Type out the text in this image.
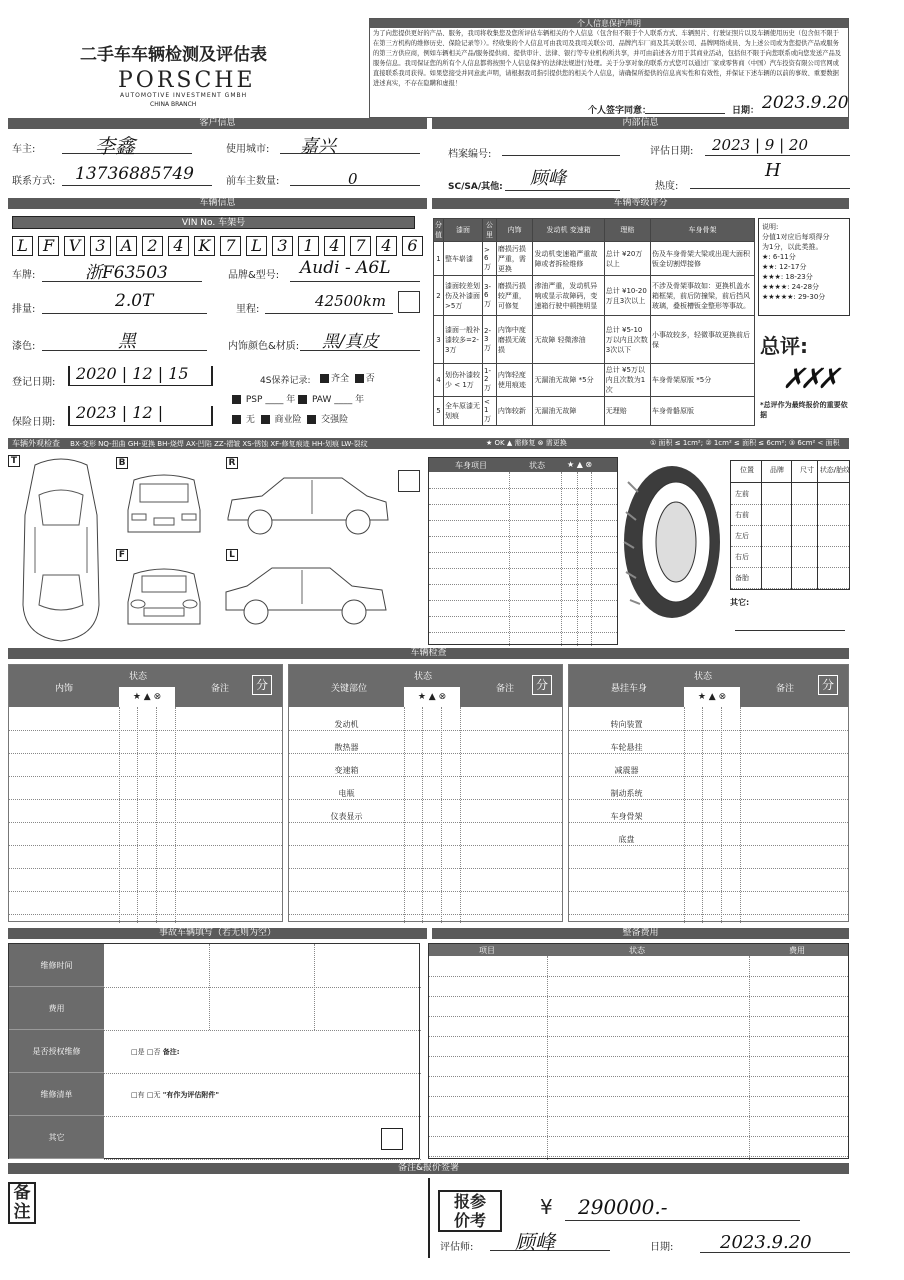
二手车车辆检测及评估表
PORSCHE
AUTOMOTIVE INVESTMENT GMBH
CHINA BRANCH
个人信息保护声明
为了向您提供更好的产品、服务，我司将收集您及您所评估车辆相关的个人信息（包含但不限于个人联系方式、车辆照片、行驶证照片以及车辆使用历史（包含但不限于在第三方机构的维修历史、保险记录等））。经收集的个人信息可由我司及我司关联公司、品牌汽车厂商及其关联公司、品牌网络成员、为上述公司或为您提供产品或服务的第三方供应商，例如车辆相关产品/服务提供商、提供审计、法律、银行等专业机构所共享，并可由前述各方用于其商业活动，包括但不限于向您联系或向您发送产品及服务信息。我司保证您的所有个人信息都将按照个人信息保护的法律法规进行处理。关于分享对象的联系方式您可以通过厂家或零售商（中国）汽车投资有限公司官网或直接联系我司获得。如果您接受并同意此声明，请根据我司指引提供您的相关个人信息，请确保所提供的信息真实性和有效性，并保证下述车辆的以前的事故、重要数据进述真实，不存在隐瞒和虚报！
个人签字同意：	日期： 2023.9.20
客户信息	内部信息
车主:	李鑫	使用城市: 嘉兴
联系方式: 13736885749	前车主数量:	0
档案编号:	评估日期: 2023 | 9 | 20
SC/SA/其他: 顾峰	热度:
H
车辆信息	车辆等级评分
VIN No. 车架号
L F V 3 A 2 4 K 7 L 3 1 4 7 4 6
车牌:	浙F63503	品牌&型号: Audi - A6L
排量:	2.0T	里程:	42500km
漆色:	黑	内饰颜色&材质: 黑/真皮
登记日期: 2020 | 12 | 15	4S保养记录:	齐全 否
PSP ____ 年 PAW ____ 年
保险日期:
2023 | 12 |	无 商业险 交强险
分值	漆面	公里	内饰	发动机 变速箱	理赔	车身骨架
1	整车崭漆	> 6万	磨损污损严重，需更换	发动机变速箱严重故障或者拆检维修	总计 ¥20万以上	伤及车身骨架大梁或出现大面积钣金切割焊接修
2	漆面较差划伤及补漆面>5万	3-6万	磨损污损较严重，可修复	渗油严重，发动机异响或显示故障码，变速箱行驶中顿挫明显	总计 ¥10-20万且3次以上	不涉及骨架事故如：更换机盖水箱框架，前后防撞梁，前后挡风玻璃，叠板槽钣金整形等事故。
3	漆面一般补漆较多=2-3万	2-3万	内饰中度磨损无破损	无故障 轻微渗油	总计 ¥5-10万以内且次数3次以下	小事故较多，轻微事故更换前后保
4	划伤补漆较少 < 1万	1-2万	内饰轻度使用痕迹	无漏油无故障 *5分	总计 ¥5万以内且次数为1次	车身骨架原版 *5分
5	全车原漆无划痕	< 1万	内饰较新	无漏油无故障	无理赔	车身骨骼原版
说明:
分值1对应后每项得分
为1分，以此类推。
★: 6-11分
★★: 12-17分
★★★: 18-23分
★★★★: 24-28分
★★★★★: 29-30分
总评:
✗✗✗
*总评作为最终报价的重要依据
车辆外观检查 BX-变形 NQ-扭曲 GH-更换 BH-烧焊 AX-凹陷 ZZ-褶皱 XS-锈蚀 XF-修复痕迹 HH-划痕 LW-裂纹	★ OK ▲ 需修复 ⊗ 需更换	① 面积 ≤ 1cm²; ② 1cm² ≤ 面积 ≤ 6cm²; ③ 6cm² < 面积
T	B	R
F	L
车身项目	状态	★ ▲ ⊗
位置	品牌	尺寸 状态/胎纹
左前
右前
左后
右后
备胎
其它:
车辆检查
内饰
状态
★ ▲ ⊗
备注	分	关键部位
状态
★ ▲ ⊗
备注	分
发动机
散热器
变速箱
电瓶
仪表显示
悬挂车身
状态
★ ▲ ⊗
备注	分
转向装置
车轮悬挂
减震器
制动系统
车身骨架
底盘
事故车辆填写（若无则为空）	整备费用
维修时间
费用
是否授权维修
维修清单
其它
□是 □否 备注:
□有 □无 "有作为评估附件"
项目	状态	费用
备注&报价签署
备注
报参价考
¥ 290000.-
评估师: 顾峰	日期:	2023.9.20
